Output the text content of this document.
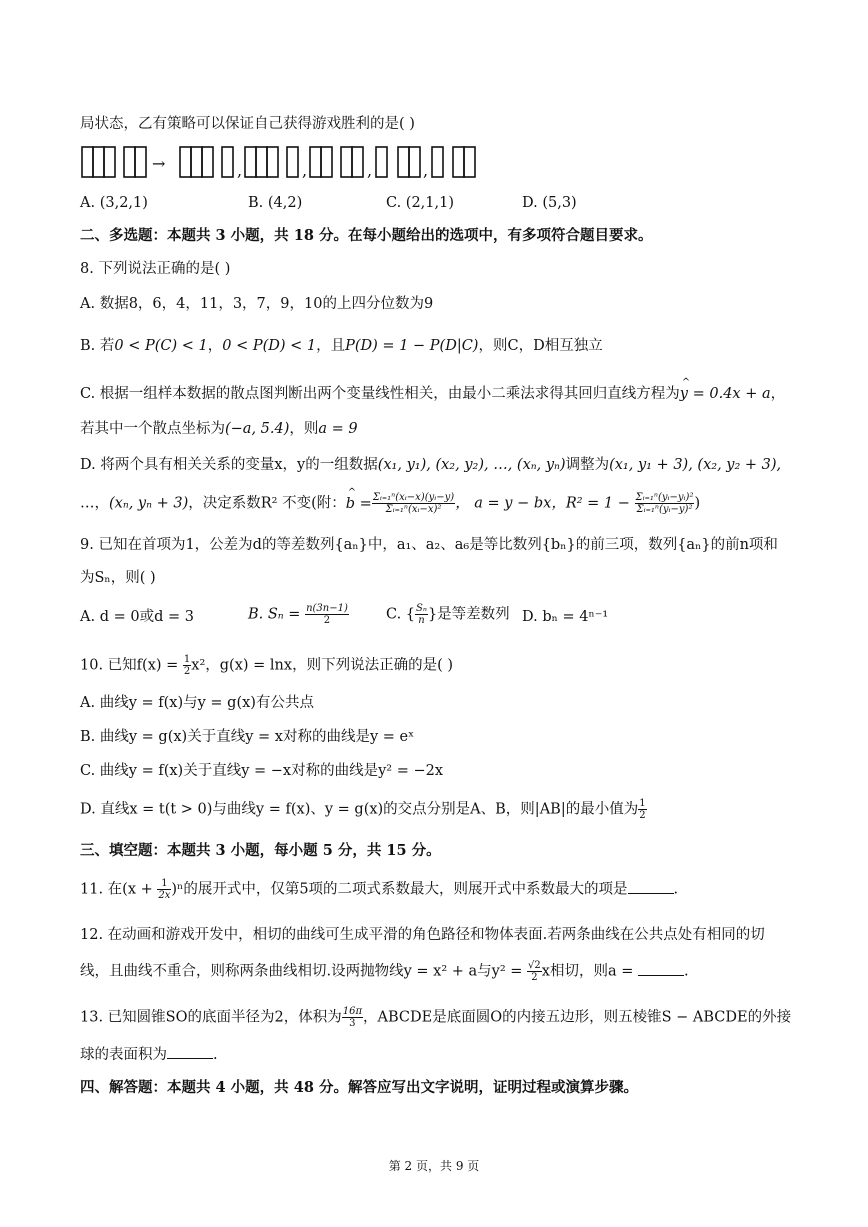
局状态，乙有策略可以保证自己获得游戏胜利的是( )
→	,	,	,	,
A. (3,2,1)	B. (4,2)	C. (2,1,1)	D. (5,3)
二、多选题：本题共 3 小题，共 18 分。在每小题给出的选项中，有多项符合题目要求。
8. 下列说法正确的是( )
A. 数据8，6，4，11，3，7，9，10的上四分位数为9
B. 若0 < P(C) < 1，0 < P(D) < 1，且P(D) = 1 − P(D|C)，则C，D相互独立
C. 根据一组样本数据的散点图判断出两个变量线性相关，由最小二乘法求得其回归直线方程为^ y = 0.4x + a，
若其中一个散点坐标为(−a, 5.4)，则a = 9
D. 将两个具有相关关系的变量x，y的一组数据(x₁, y₁), (x₂, y₂), …, (xₙ, yₙ)调整为(x₁, y₁ + 3), (x₂, y₂ + 3),
…，(xₙ, yₙ + 3)，决定系数R² 不变(附：^ $b = \frac{\text{Σᵢ₌₁ⁿ(xᵢ−x)(yᵢ−y)}}{\text{Σᵢ₌₁ⁿ(xᵢ−x)²}}$ ， a = y − bx，$R^2 = 1 - \frac{\text{Σᵢ₌₁ⁿ(yᵢ−yᵢ)²}}{\text{Σᵢ₌₁ⁿ(yᵢ−y)²}}$ )
9. 已知在首项为1，公差为d的等差数列{aₙ}中，a₁、a₂、a₆是等比数列{bₙ}的前三项，数列{aₙ}的前n项和
为Sₙ，则( )
A. d = 0或d = 3	B. $S_n = \frac{n(3n-1)}{2}$	C. { $\frac{\text{Sₙ}}{n}$ }是等差数列 D. bₙ = 4ⁿ⁻¹
10. 已知$f(x) = \frac{1}{2} x^2$，g(x) = lnx，则下列说法正确的是( )
A. 曲线y = f(x)与y = g(x)有公共点
B. 曲线y = g(x)关于直线y = x对称的曲线是y = eˣ
C. 曲线y = f(x)关于直线y = −x对称的曲线是y² = −2x
D. 直线x = t(t > 0)与曲线y = f(x)、y = g(x)的交点分别是A、B，则|AB|的最小值为 $\frac{1}{2}$
三、填空题：本题共 3 小题，每小题 5 分，共 15 分。
11. 在$(x + \frac{1}{2x} )^n$的展开式中，仅第5项的二项式系数最大，则展开式中系数最大的项是	.
12. 在动画和游戏开发中，相切的曲线可生成平滑的角色路径和物体表面.若两条曲线在公共点处有相同的切
线，且曲线不重合，则称两条曲线相切.设两抛物线y = x² + a与$y^2 = \frac{√2}{2}$ x相切，则a =	.
13. 已知圆锥SO的底面半径为2，体积为 $\frac{16\pi}{3}$ ，ABCDE是底面圆O的内接五边形，则五棱锥S − ABCDE的外接
球的表面积为	.
四、解答题：本题共 4 小题，共 48 分。解答应写出文字说明，证明过程或演算步骤。
第 2 页，共 9 页
